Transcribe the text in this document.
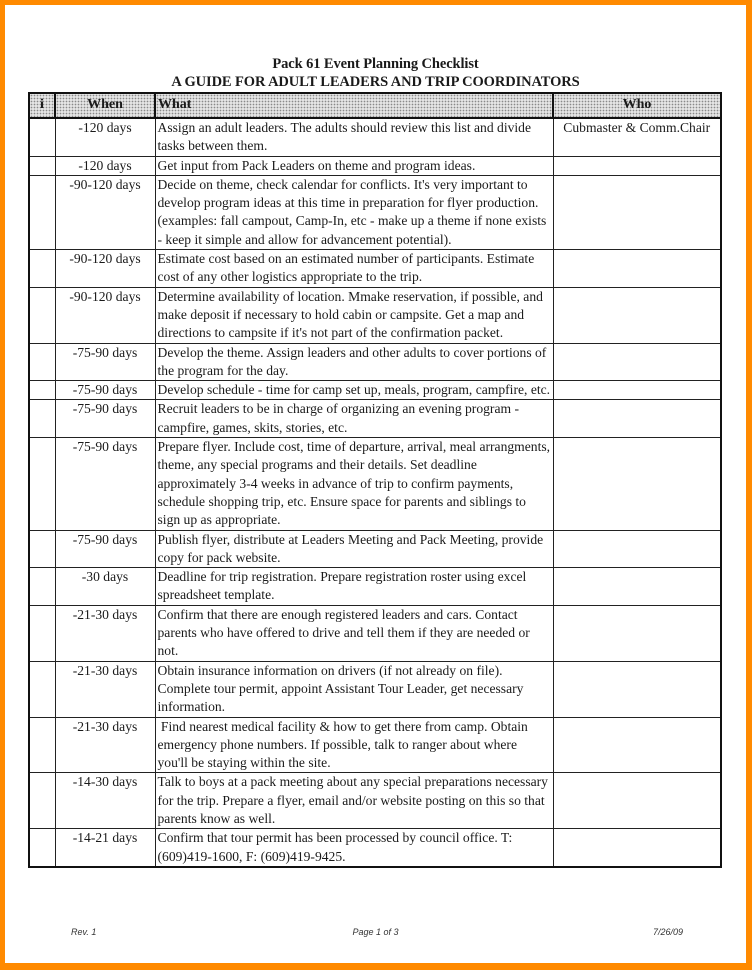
Pack 61 Event Planning Checklist
A GUIDE FOR ADULT LEADERS AND TRIP COORDINATORS
i	When	What	Who
	-120 days	Assign an adult leaders. The adults should review this list and divide tasks between them.	Cubmaster & Comm.Chair
	-120 days	Get input from Pack Leaders on theme and program ideas.	
	-90-120 days	Decide on theme, check calendar for conflicts. It's very important to develop program ideas at this time in preparation for flyer production. (examples: fall campout, Camp-In, etc - make up a theme if none exists - keep it simple and allow for advancement potential).	
	-90-120 days	Estimate cost based on an estimated number of participants. Estimate cost of any other logistics appropriate to the trip.	
	-90-120 days	Determine availability of location. Mmake reservation, if possible, and make deposit if necessary to hold cabin or campsite. Get a map and directions to campsite if it's not part of the confirmation packet.	
	-75-90 days	Develop the theme. Assign leaders and other adults to cover portions of the program for the day.	
	-75-90 days	Develop schedule - time for camp set up, meals, program, campfire, etc.	
	-75-90 days	Recruit leaders to be in charge of organizing an evening program - campfire, games, skits, stories, etc.	
	-75-90 days	Prepare flyer. Include cost, time of departure, arrival, meal arrangments, theme, any special programs and their details. Set deadline approximately 3-4 weeks in advance of trip to confirm payments, schedule shopping trip, etc. Ensure space for parents and siblings to sign up as appropriate.	
	-75-90 days	Publish flyer, distribute at Leaders Meeting and Pack Meeting, provide copy for pack website.	
	-30 days	Deadline for trip registration. Prepare registration roster using excel spreadsheet template.	
	-21-30 days	Confirm that there are enough registered leaders and cars. Contact parents who have offered to drive and tell them if they are needed or not.	
	-21-30 days	Obtain insurance information on drivers (if not already on file). Complete tour permit, appoint Assistant Tour Leader, get necessary information.	
	-21-30 days	Find nearest medical facility & how to get there from camp. Obtain emergency phone numbers. If possible, talk to ranger about where you'll be staying within the site.	
	-14-30 days	Talk to boys at a pack meeting about any special preparations necessary for the trip. Prepare a flyer, email and/or website posting on this so that parents know as well.	
	-14-21 days	Confirm that tour permit has been processed by council office. T: (609)419-1600, F: (609)419-9425.	
Rev. 1	Page 1 of 3	7/26/09
